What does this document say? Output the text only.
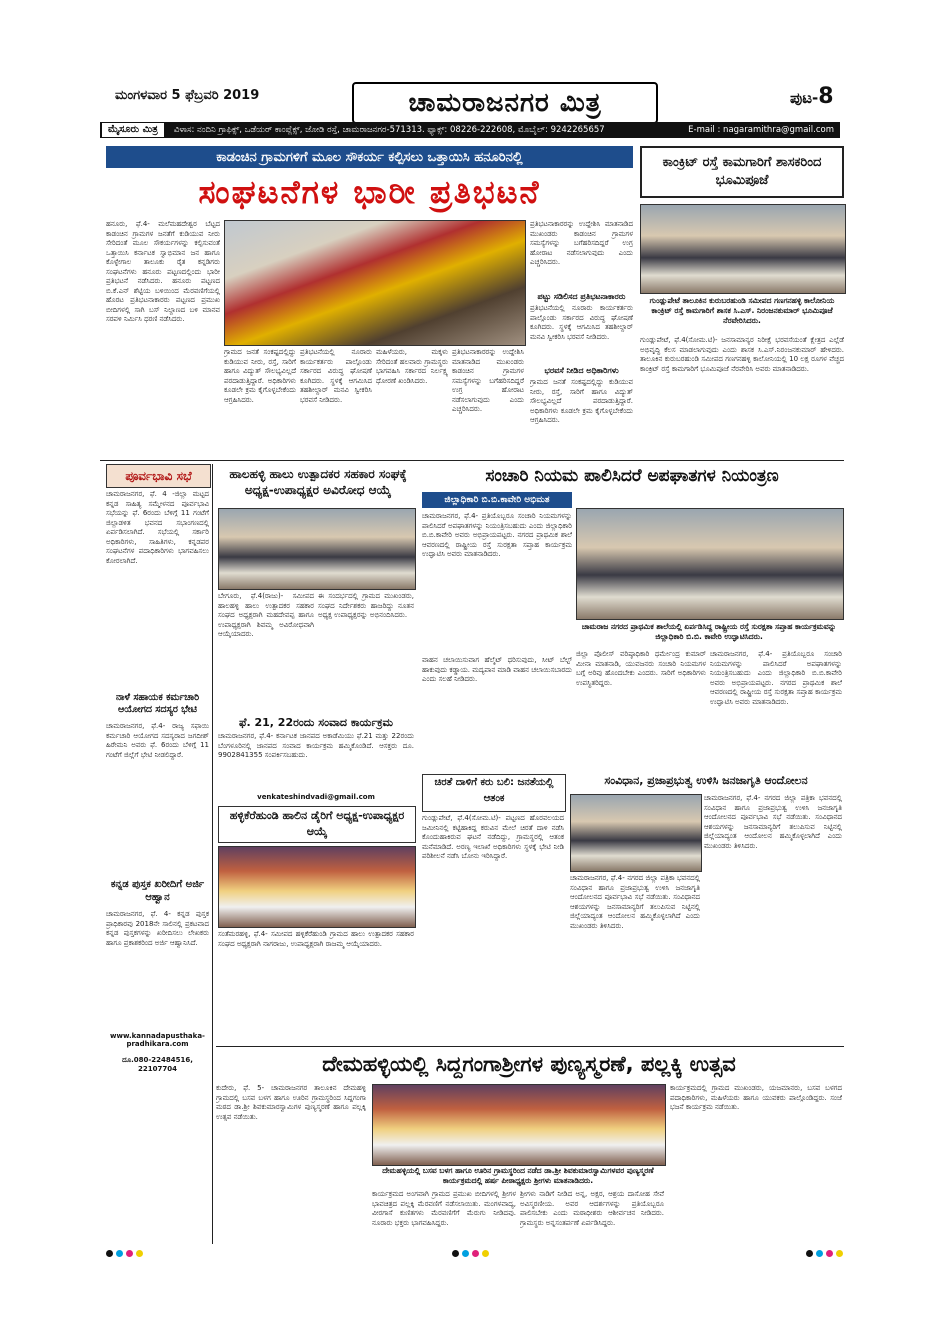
ಮಂಗಳವಾರ 5 ಫೆಬ್ರವರಿ 2019	ಚಾಮರಾಜನಗರ ಮಿತ್ರ	ಪುಟ-8
ಮೈಸೂರು ಮಿತ್ರ	ವಿಳಾಸ: ನಂದಿನಿ ಗ್ರಾಫಿಕ್ಸ್, ಒಡೆಯರ್ ಕಾಂಪ್ಲೆಕ್ಸ್, ಜೋಡಿ ರಸ್ತೆ, ಚಾಮರಾಜನಗರ-571313. ಫ್ಯಾಕ್ಸ್: 08226-222608, ಮೊಬೈಲ್: 9242265657	E-mail : nagaramithra@gmail.com
ಕಾಡಂಚಿನ ಗ್ರಾಮಗಳಿಗೆ ಮೂಲ ಸೌಕರ್ಯ ಕಲ್ಪಿಸಲು ಒತ್ತಾಯಿಸಿ ಹನೂರಿನಲ್ಲಿ
ಸಂಘಟನೆಗಳ ಭಾರೀ ಪ್ರತಿಭಟನೆ
ಹನೂರು, ಫೆ.4- ಮಲೆಮಹದೇಶ್ವರ ಬೆಟ್ಟದ ಕಾಡಂಚಿನ ಗ್ರಾಮಗಳ ಜನತೆಗೆ ಕುಡಿಯುವ ನೀರು ಸೇರಿದಂತೆ ಮೂಲ ಸೌಕರ್ಯಗಳನ್ನು ಕಲ್ಪಿಸುವಂತೆ ಒತ್ತಾಯಿಸಿ ಕರ್ನಾಟಕ ಸ್ವಾಭಿಮಾನ ಜನ ಹಾಗೂ ಕೊಳ್ಳೇಗಾಲ ತಾಲೂಕು ರೈತ ಕನ್ನಡಿಗರು ಸಂಘಟನೆಗಳು ಹನೂರು ಪಟ್ಟಣದಲ್ಲಿಂದು ಭಾರೀ ಪ್ರತಿಭಟನೆ ನಡೆಸಿದರು. ಹನೂರು ಪಟ್ಟಣದ ಬಿ.ಕೆ.ಎನ್ ಶೆಟ್ಟಿಯ ಬಳಿಯಿಂದ ಮೆರವಣಿಗೆಯಲ್ಲಿ ಹೊರಟ ಪ್ರತಿಭಟನಾಕಾರರು ಪಟ್ಟಣದ ಪ್ರಮುಖ ಬೀದಿಗಳಲ್ಲಿ ಸಾಗಿ ಬಸ್ ನಿಲ್ದಾಣದ ಬಳಿ ಮಾನವ ಸರಪಳಿ ನಿರ್ಮಿಸಿ ಧರಣಿ ನಡೆಸಿದರು.
ಗ್ರಾಮದ ಜನತೆ ಸಂಕಷ್ಟದಲ್ಲಿದ್ದು ಕುಡಿಯುವ ನೀರು, ರಸ್ತೆ, ಸಾರಿಗೆ ಹಾಗೂ ವಿದ್ಯುತ್ ಸೌಲಭ್ಯವಿಲ್ಲದೆ ಪರದಾಡುತ್ತಿದ್ದಾರೆ. ಅಧಿಕಾರಿಗಳು ಕೂಡಲೇ ಕ್ರಮ ಕೈಗೊಳ್ಳಬೇಕೆಂದು ಆಗ್ರಹಿಸಿದರು.
ಪ್ರತಿಭಟನೆಯಲ್ಲಿ ನೂರಾರು ಕಾರ್ಯಕರ್ತರು ಪಾಲ್ಗೊಂಡು ಸರ್ಕಾರದ ವಿರುದ್ಧ ಘೋಷಣೆ ಕೂಗಿದರು. ಸ್ಥಳಕ್ಕೆ ಆಗಮಿಸಿದ ತಹಶೀಲ್ದಾರ್ ಮನವಿ ಸ್ವೀಕರಿಸಿ ಭರವಸೆ ನೀಡಿದರು.
ಮಹಿಳೆಯರು, ಮಕ್ಕಳು ಸೇರಿದಂತೆ ಹಲವಾರು ಗ್ರಾಮಸ್ಥರು ಭಾಗವಹಿಸಿ ಸರ್ಕಾರದ ನಿರ್ಲಕ್ಷ್ಯ ಧೋರಣೆ ಖಂಡಿಸಿದರು.
ಪ್ರತಿಭಟನಾಕಾರರನ್ನು ಉದ್ದೇಶಿಸಿ ಮಾತನಾಡಿದ ಮುಖಂಡರು ಕಾಡಂಚಿನ ಗ್ರಾಮಗಳ ಸಮಸ್ಯೆಗಳನ್ನು ಬಗೆಹರಿಸದಿದ್ದರೆ ಉಗ್ರ ಹೋರಾಟ ನಡೆಸಲಾಗುವುದು ಎಂದು ಎಚ್ಚರಿಸಿದರು.
ಪ್ರತಿಭಟನಾಕಾರರನ್ನು ಉದ್ದೇಶಿಸಿ ಮಾತನಾಡಿದ ಮುಖಂಡರು ಕಾಡಂಚಿನ ಗ್ರಾಮಗಳ ಸಮಸ್ಯೆಗಳನ್ನು ಬಗೆಹರಿಸದಿದ್ದರೆ ಉಗ್ರ ಹೋರಾಟ ನಡೆಸಲಾಗುವುದು ಎಂದು ಎಚ್ಚರಿಸಿದರು.
ಪಟ್ಟು ಸಡಿಲಿಸದ ಪ್ರತಿಭಟನಾಕಾರರು
ಪ್ರತಿಭಟನೆಯಲ್ಲಿ ನೂರಾರು ಕಾರ್ಯಕರ್ತರು ಪಾಲ್ಗೊಂಡು ಸರ್ಕಾರದ ವಿರುದ್ಧ ಘೋಷಣೆ ಕೂಗಿದರು. ಸ್ಥಳಕ್ಕೆ ಆಗಮಿಸಿದ ತಹಶೀಲ್ದಾರ್ ಮನವಿ ಸ್ವೀಕರಿಸಿ ಭರವಸೆ ನೀಡಿದರು.
ಭರವಸೆ ನೀಡಿದ ಅಧಿಕಾರಿಗಳು
ಗ್ರಾಮದ ಜನತೆ ಸಂಕಷ್ಟದಲ್ಲಿದ್ದು ಕುಡಿಯುವ ನೀರು, ರಸ್ತೆ, ಸಾರಿಗೆ ಹಾಗೂ ವಿದ್ಯುತ್ ಸೌಲಭ್ಯವಿಲ್ಲದೆ ಪರದಾಡುತ್ತಿದ್ದಾರೆ. ಅಧಿಕಾರಿಗಳು ಕೂಡಲೇ ಕ್ರಮ ಕೈಗೊಳ್ಳಬೇಕೆಂದು ಆಗ್ರಹಿಸಿದರು.
ಕಾಂಕ್ರಿಟ್ ರಸ್ತೆ ಕಾಮಗಾರಿಗೆ ಶಾಸಕರಿಂದ ಭೂಮಿಪೂಜೆ
ಗುಂಡ್ಲುಪೇಟೆ ತಾಲೂಕಿನ ಕುರುಬರಹುಂಡಿ ಸಮೀಪದ ಗಣಗನಹಳ್ಳಿ ಕಾಲೋನಿಯ ಕಾಂಕ್ರಿಟ್ ರಸ್ತೆ ಕಾಮಗಾರಿಗೆ ಶಾಸಕ ಸಿ.ಎಸ್. ನಿರಂಜನಕುಮಾರ್ ಭೂಮಿಪೂಜೆ ನೆರವೇರಿಸಿದರು.
ಗುಂಡ್ಲುಪೇಟೆ, ಫೆ.4(ಸೋಮ.ಟಿ)- ಜನಸಾಮಾನ್ಯರ ನಿರೀಕ್ಷೆ ಭರವಸೆಯಂತೆ ಕ್ಷೇತ್ರದ ಎಲ್ಲೆಡೆ ಅಭಿವೃದ್ಧಿ ಕೆಲಸ ಮಾಡಲಾಗುವುದು ಎಂದು ಶಾಸಕ ಸಿ.ಎಸ್.ನಿರಂಜನಕುಮಾರ್ ಹೇಳಿದರು. ತಾಲೂಕಿನ ಕುರುಬರಹುಂಡಿ ಸಮೀಪದ ಗಣಗನಹಳ್ಳಿ ಕಾಲೋನಿಯಲ್ಲಿ 10 ಲಕ್ಷ ರೂಗಳ ವೆಚ್ಚದ ಕಾಂಕ್ರಿಟ್ ರಸ್ತೆ ಕಾಮಗಾರಿಗೆ ಭೂಮಿಪೂಜೆ ನೆರವೇರಿಸಿ ಅವರು ಮಾತನಾಡಿದರು.
ಪೂರ್ವಭಾವಿ ಸಭೆ
ಚಾಮರಾಜನಗರ, ಫೆ. 4 -ಜಿಲ್ಲಾ ಮಟ್ಟದ ಕನ್ನಡ ಸಾಹಿತ್ಯ ಸಮ್ಮೇಳನದ ಪೂರ್ವಭಾವಿ ಸಭೆಯನ್ನು ಫೆ. 6ರಂದು ಬೆಳಿಗ್ಗೆ 11 ಗಂಟೆಗೆ ಜಿಲ್ಲಾಡಳಿತ ಭವನದ ಸಭಾಂಗಣದಲ್ಲಿ ಏರ್ಪಡಿಸಲಾಗಿದೆ. ಸಭೆಯಲ್ಲಿ ಸರ್ಕಾರಿ ಅಧಿಕಾರಿಗಳು, ಸಾಹಿತಿಗಳು, ಕನ್ನಡಪರ ಸಂಘಟನೆಗಳ ಪದಾಧಿಕಾರಿಗಳು ಭಾಗವಹಿಸಲು ಕೋರಲಾಗಿದೆ.
ನಾಳೆ ಸಹಾಯಕ ಕರ್ಮಚಾರಿ ಆಯೋಗದ ಸದಸ್ಯರ ಭೇಟಿ
ಚಾಮರಾಜನಗರ, ಫೆ.4- ರಾಜ್ಯ ಸಫಾಯಿ ಕರ್ಮಚಾರಿ ಆಯೋಗದ ಸದಸ್ಯರಾದ ಜಗದೀಶ್ ಹಿರೇಮನಿ ಅವರು ಫೆ. 6ರಂದು ಬೆಳಿಗ್ಗೆ 11 ಗಂಟೆಗೆ ಜಿಲ್ಲೆಗೆ ಭೇಟಿ ನೀಡಲಿದ್ದಾರೆ.
ಕನ್ನಡ ಪುಸ್ತಕ ಖರೀದಿಗೆ ಅರ್ಜಿ ಆಹ್ವಾನ
ಚಾಮರಾಜನಗರ, ಫೆ. 4- ಕನ್ನಡ ಪುಸ್ತಕ ಪ್ರಾಧಿಕಾರವು 2018ನೇ ಸಾಲಿನಲ್ಲಿ ಪ್ರಕಟವಾದ ಕನ್ನಡ ಪುಸ್ತಕಗಳನ್ನು ಖರೀದಿಸಲು ಲೇಖಕರು ಹಾಗೂ ಪ್ರಕಾಶಕರಿಂದ ಅರ್ಜಿ ಆಹ್ವಾನಿಸಿದೆ.
www.kannadapusthaka-pradhikara.com
ದೂ.080-22484516, 22107704
ಹಾಲಹಳ್ಳಿ ಹಾಲು ಉತ್ಪಾದಕರ ಸಹಕಾರ ಸಂಘಕ್ಕೆ ಅಧ್ಯಕ್ಷ-ಉಪಾಧ್ಯಕ್ಷರ ಅವಿರೋಧ ಆಯ್ಕೆ
ಬೇಗೂರು, ಫೆ.4(ರಾಜು)- ಸಮೀಪದ ಹಾಲಹಳ್ಳಿ ಹಾಲು ಉತ್ಪಾದಕರ ಸಹಕಾರ ಸಂಘದ ಅಧ್ಯಕ್ಷರಾಗಿ ಮಹದೇವಪ್ಪ ಹಾಗೂ ಉಪಾಧ್ಯಕ್ಷರಾಗಿ ಶಿವಮ್ಮ ಅವಿರೋಧವಾಗಿ ಆಯ್ಕೆಯಾದರು.
ಈ ಸಂದರ್ಭದಲ್ಲಿ ಗ್ರಾಮದ ಮುಖಂಡರು, ಸಂಘದ ನಿರ್ದೇಶಕರು ಹಾಜರಿದ್ದು ನೂತನ ಅಧ್ಯಕ್ಷ ಉಪಾಧ್ಯಕ್ಷರನ್ನು ಅಭಿನಂದಿಸಿದರು.
ಫೆ. 21, 22ರಂದು ಸಂವಾದ ಕಾರ್ಯಕ್ರಮ
ಚಾಮರಾಜನಗರ, ಫೆ.4- ಕರ್ನಾಟಕ ಜಾನಪದ ಅಕಾಡೆಮಿಯು ಫೆ.21 ಮತ್ತು 22ರಂದು ಬೆಂಗಳೂರಿನಲ್ಲಿ ಜಾನಪದ ಸಂವಾದ ಕಾರ್ಯಕ್ರಮ ಹಮ್ಮಿಕೊಂಡಿದೆ. ಆಸಕ್ತರು ದೂ. 9902841355 ಸಂಪರ್ಕಿಸಬಹುದು.
venkateshindvadi@gmail.com
ಹಳ್ಳಿಕೆರೆಹುಂಡಿ ಹಾಲಿನ ಡೈರಿಗೆ ಅಧ್ಯಕ್ಷ-ಉಪಾಧ್ಯಕ್ಷರ ಆಯ್ಕೆ
ಸಂತೆಮರಹಳ್ಳಿ, ಫೆ.4- ಸಮೀಪದ ಹಳ್ಳಿಕೆರೆಹುಂಡಿ ಗ್ರಾಮದ ಹಾಲು ಉತ್ಪಾದಕರ ಸಹಕಾರ ಸಂಘದ ಅಧ್ಯಕ್ಷರಾಗಿ ನಾಗರಾಜು, ಉಪಾಧ್ಯಕ್ಷರಾಗಿ ರಾಜಮ್ಮ ಆಯ್ಕೆಯಾದರು.
ಸಂಚಾರಿ ನಿಯಮ ಪಾಲಿಸಿದರೆ ಅಪಘಾತಗಳ ನಿಯಂತ್ರಣ
ಜಿಲ್ಲಾಧಿಕಾರಿ ಬಿ.ಬಿ.ಕಾವೇರಿ ಅಭಿಮತ
ಚಾಮರಾಜನಗರ, ಫೆ.4- ಪ್ರತಿಯೊಬ್ಬರೂ ಸಂಚಾರಿ ನಿಯಮಗಳನ್ನು ಪಾಲಿಸಿದರೆ ಅಪಘಾತಗಳನ್ನು ನಿಯಂತ್ರಿಸಬಹುದು ಎಂದು ಜಿಲ್ಲಾಧಿಕಾರಿ ಬಿ.ಬಿ.ಕಾವೇರಿ ಅವರು ಅಭಿಪ್ರಾಯಪಟ್ಟರು. ನಗರದ ಪ್ರಾಥಮಿಕ ಶಾಲೆ ಆವರಣದಲ್ಲಿ ರಾಷ್ಟ್ರೀಯ ರಸ್ತೆ ಸುರಕ್ಷತಾ ಸಪ್ತಾಹ ಕಾರ್ಯಕ್ರಮ ಉದ್ಘಾಟಿಸಿ ಅವರು ಮಾತನಾಡಿದರು.
ಚಾಮರಾಜ ನಗರದ ಪ್ರಾಥಮಿಕ ಶಾಲೆಯಲ್ಲಿ ಏರ್ಪಡಿಸಿದ್ದ ರಾಷ್ಟ್ರೀಯ ರಸ್ತೆ ಸುರಕ್ಷತಾ ಸಪ್ತಾಹ ಕಾರ್ಯಕ್ರಮವನ್ನು ಜಿಲ್ಲಾಧಿಕಾರಿ ಬಿ.ಬಿ. ಕಾವೇರಿ ಉದ್ಘಾಟಿಸಿದರು.
ವಾಹನ ಚಲಾಯಿಸುವಾಗ ಹೆಲ್ಮೆಟ್ ಧರಿಸುವುದು, ಸೀಟ್ ಬೆಲ್ಟ್ ಹಾಕುವುದು ಕಡ್ಡಾಯ. ಮದ್ಯಪಾನ ಮಾಡಿ ವಾಹನ ಚಲಾಯಿಸಬಾರದು ಎಂದು ಸಲಹೆ ನೀಡಿದರು.
ಜಿಲ್ಲಾ ಪೊಲೀಸ್ ವರಿಷ್ಠಾಧಿಕಾರಿ ಧರ್ಮೇಂದ್ರ ಕುಮಾರ್ ಮೀನಾ ಮಾತನಾಡಿ, ಯುವಜನರು ಸಂಚಾರಿ ನಿಯಮಗಳ ಬಗ್ಗೆ ಅರಿವು ಹೊಂದಬೇಕು ಎಂದರು. ಸಾರಿಗೆ ಅಧಿಕಾರಿಗಳು ಉಪಸ್ಥಿತರಿದ್ದರು.
ಚಾಮರಾಜನಗರ, ಫೆ.4- ಪ್ರತಿಯೊಬ್ಬರೂ ಸಂಚಾರಿ ನಿಯಮಗಳನ್ನು ಪಾಲಿಸಿದರೆ ಅಪಘಾತಗಳನ್ನು ನಿಯಂತ್ರಿಸಬಹುದು ಎಂದು ಜಿಲ್ಲಾಧಿಕಾರಿ ಬಿ.ಬಿ.ಕಾವೇರಿ ಅವರು ಅಭಿಪ್ರಾಯಪಟ್ಟರು. ನಗರದ ಪ್ರಾಥಮಿಕ ಶಾಲೆ ಆವರಣದಲ್ಲಿ ರಾಷ್ಟ್ರೀಯ ರಸ್ತೆ ಸುರಕ್ಷತಾ ಸಪ್ತಾಹ ಕಾರ್ಯಕ್ರಮ ಉದ್ಘಾಟಿಸಿ ಅವರು ಮಾತನಾಡಿದರು.
ಚಿರತೆ ದಾಳಿಗೆ ಕರು ಬಲಿ: ಜನತೆಯಲ್ಲಿ ಆತಂಕ
ಗುಂಡ್ಲುಪೇಟೆ, ಫೆ.4(ಸೋಮ.ಟಿ)- ಪಟ್ಟಣದ ಹೊರವಲಯದ ಜಮೀನಿನಲ್ಲಿ ಕಟ್ಟಿಹಾಕಿದ್ದ ಕರುವಿನ ಮೇಲೆ ಚಿರತೆ ದಾಳಿ ನಡೆಸಿ ಕೊಂದುಹಾಕಿರುವ ಘಟನೆ ನಡೆದಿದ್ದು, ಗ್ರಾಮಸ್ಥರಲ್ಲಿ ಆತಂಕ ಮನೆಮಾಡಿದೆ. ಅರಣ್ಯ ಇಲಾಖೆ ಅಧಿಕಾರಿಗಳು ಸ್ಥಳಕ್ಕೆ ಭೇಟಿ ನೀಡಿ ಪರಿಶೀಲನೆ ನಡೆಸಿ ಬೋನು ಇರಿಸಿದ್ದಾರೆ.
ಸಂವಿಧಾನ, ಪ್ರಜಾಪ್ರಭುತ್ವ ಉಳಿಸಿ ಜನಜಾಗೃತಿ ಆಂದೋಲನ
ಚಾಮರಾಜನಗರ, ಫೆ.4- ನಗರದ ಜಿಲ್ಲಾ ಪತ್ರಿಕಾ ಭವನದಲ್ಲಿ ಸಂವಿಧಾನ ಹಾಗೂ ಪ್ರಜಾಪ್ರಭುತ್ವ ಉಳಿಸಿ ಜನಜಾಗೃತಿ ಆಂದೋಲನದ ಪೂರ್ವಭಾವಿ ಸಭೆ ನಡೆಯಿತು. ಸಂವಿಧಾನದ ಆಶಯಗಳನ್ನು ಜನಸಾಮಾನ್ಯರಿಗೆ ತಲುಪಿಸುವ ನಿಟ್ಟಿನಲ್ಲಿ ಜಿಲ್ಲೆಯಾದ್ಯಂತ ಆಂದೋಲನ ಹಮ್ಮಿಕೊಳ್ಳಲಾಗಿದೆ ಎಂದು ಮುಖಂಡರು ತಿಳಿಸಿದರು.
ಚಾಮರಾಜನಗರ, ಫೆ.4- ನಗರದ ಜಿಲ್ಲಾ ಪತ್ರಿಕಾ ಭವನದಲ್ಲಿ ಸಂವಿಧಾನ ಹಾಗೂ ಪ್ರಜಾಪ್ರಭುತ್ವ ಉಳಿಸಿ ಜನಜಾಗೃತಿ ಆಂದೋಲನದ ಪೂರ್ವಭಾವಿ ಸಭೆ ನಡೆಯಿತು. ಸಂವಿಧಾನದ ಆಶಯಗಳನ್ನು ಜನಸಾಮಾನ್ಯರಿಗೆ ತಲುಪಿಸುವ ನಿಟ್ಟಿನಲ್ಲಿ ಜಿಲ್ಲೆಯಾದ್ಯಂತ ಆಂದೋಲನ ಹಮ್ಮಿಕೊಳ್ಳಲಾಗಿದೆ ಎಂದು ಮುಖಂಡರು ತಿಳಿಸಿದರು.
ದೇಮಹಳ್ಳಿಯಲ್ಲಿ ಸಿದ್ದಗಂಗಾಶ್ರೀಗಳ ಪುಣ್ಯಸ್ಮರಣೆ, ಪಲ್ಲಕ್ಕಿ ಉತ್ಸವ
ಕುದೇರು, ಫೆ. 5- ಚಾಮರಾಜನಗರ ತಾಲೂಕಿನ ದೇಮಹಳ್ಳಿ ಗ್ರಾಮದಲ್ಲಿ ಬಸವ ಬಳಗ ಹಾಗೂ ಊರಿನ ಗ್ರಾಮಸ್ಥರಿಂದ ಸಿದ್ದಗಂಗಾ ಮಠದ ಡಾ.ಶ್ರೀ ಶಿವಕುಮಾರಸ್ವಾಮಿಗಳ ಪುಣ್ಯಸ್ಮರಣೆ ಹಾಗೂ ಪಲ್ಲಕ್ಕಿ ಉತ್ಸವ ನಡೆಯಿತು.
ದೇಮಹಳ್ಳಿಯಲ್ಲಿ ಬಸವ ಬಳಗ ಹಾಗೂ ಊರಿನ ಗ್ರಾಮಸ್ಥರಿಂದ ನಡೆದ ಡಾ.ಶ್ರೀ ಶಿವಕುಮಾರಸ್ವಾಮಿಗಳವರ ಪುಣ್ಯಸ್ಮರಣೆ ಕಾರ್ಯಕ್ರಮದಲ್ಲಿ ಹರ್ಷ ಪೀಠಾಧ್ಯಕ್ಷರು ಶ್ರೀಗಳು ಮಾತನಾಡಿದರು.
ಕಾರ್ಯಕ್ರಮದ ಅಂಗವಾಗಿ ಗ್ರಾಮದ ಪ್ರಮುಖ ಬೀದಿಗಳಲ್ಲಿ ಶ್ರೀಗಳ ಭಾವಚಿತ್ರದ ಪಲ್ಲಕ್ಕಿ ಮೆರವಣಿಗೆ ನಡೆಸಲಾಯಿತು. ಮಂಗಳವಾದ್ಯ, ವೀರಗಾಸೆ ಕುಣಿತಗಳು ಮೆರವಣಿಗೆಗೆ ಮೆರುಗು ನೀಡಿದವು. ನೂರಾರು ಭಕ್ತರು ಭಾಗವಹಿಸಿದ್ದರು.
ಶ್ರೀಗಳು ನಾಡಿಗೆ ನೀಡಿದ ಅನ್ನ, ಅಕ್ಷರ, ಆಶ್ರಯ ದಾಸೋಹ ಸೇವೆ ಅವಿಸ್ಮರಣೀಯ. ಅವರ ಆದರ್ಶಗಳನ್ನು ಪ್ರತಿಯೊಬ್ಬರೂ ಪಾಲಿಸಬೇಕು ಎಂದು ಮಠಾಧೀಶರು ಆಶೀರ್ವಚನ ನೀಡಿದರು. ಗ್ರಾಮಸ್ಥರು ಅನ್ನಸಂತರ್ಪಣೆ ಏರ್ಪಡಿಸಿದ್ದರು.
ಕಾರ್ಯಕ್ರಮದಲ್ಲಿ ಗ್ರಾಮದ ಮುಖಂಡರು, ಯಜಮಾನರು, ಬಸವ ಬಳಗದ ಪದಾಧಿಕಾರಿಗಳು, ಮಹಿಳೆಯರು ಹಾಗೂ ಯುವಕರು ಪಾಲ್ಗೊಂಡಿದ್ದರು. ಸಂಜೆ ಭಜನೆ ಕಾರ್ಯಕ್ರಮ ನಡೆಯಿತು.
